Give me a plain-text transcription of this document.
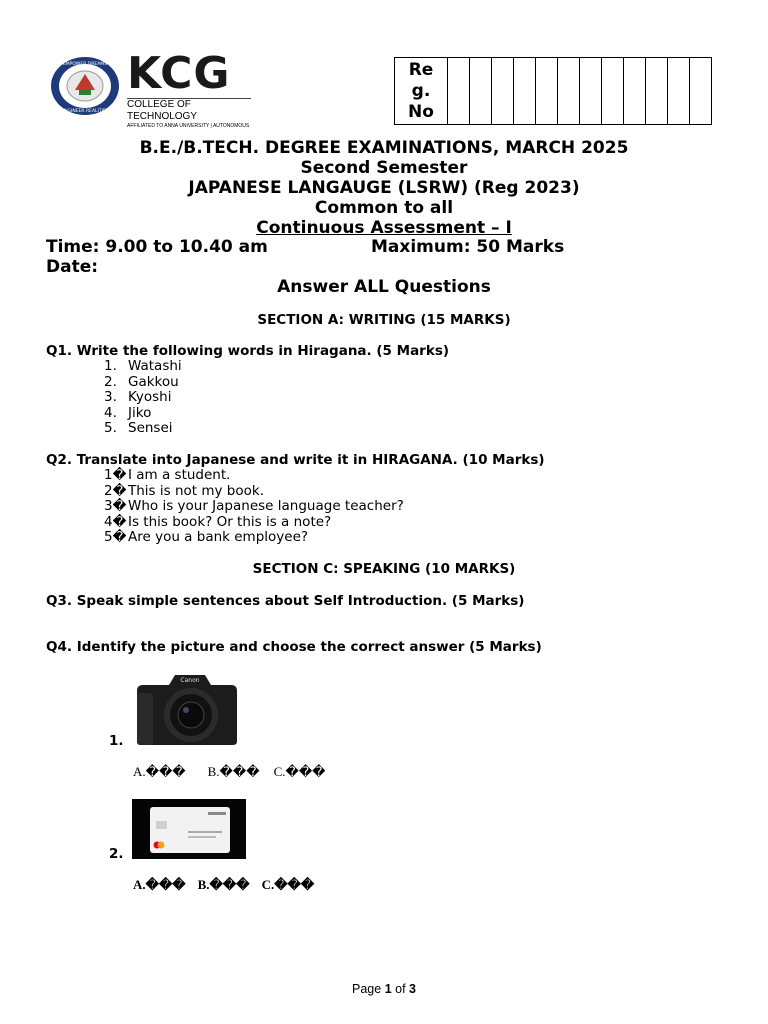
EMPOWER DREAMS
ENGINEER REALITIES
KCG
COLLEGE OF TECHNOLOGY
AFFILIATED TO ANNA UNIVERSITY | AUTONOMOUS
Re
g.
No

B.E./B.TECH. DEGREE EXAMINATIONS, MARCH 2025
Second Semester
JAPANESE LANGAUGE (LSRW) (Reg 2023)
Common to all
Continuous Assessment – I
Time: 9.00 to 10.40 am	Maximum: 50 Marks
Date:
Answer ALL Questions
SECTION A: WRITING (15 MARKS)
Q1. Write the following words in Hiragana. (5 Marks)
1. Watashi
2. Gakkou
3. Kyoshi
4. Jiko
5. Sensei
Q2. Translate into Japanese and write it in HIRAGANA. (10 Marks)
1� I am a student.
2� This is not my book.
3� Who is your Japanese language teacher?
4� Is this book? Or this is a note?
5� Are you a bank employee?
SECTION C: SPEAKING (10 MARKS)
Q3. Speak simple sentences about Self Introduction. (5 Marks)
Q4. Identify the picture and choose the correct answer (5 Marks)
1.
Canon
A.��� B.��� C.���
2.
A.��� B.��� C.���
Page 1 of 3
